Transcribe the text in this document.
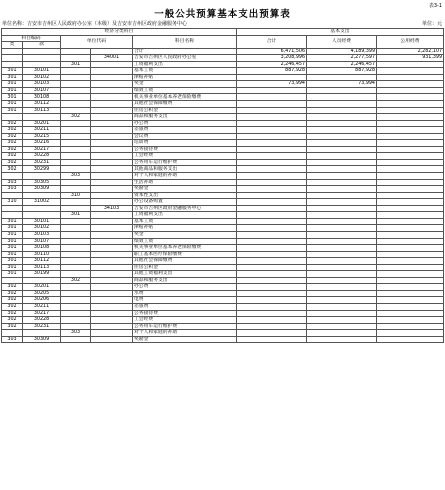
表3-1
一般公共预算基本支出预算表
单位名称：吉安市吉州区人民政府办公室（本级）及吉安市吉州区政府金融服务中心	单位：元
经济分类科目					基本支出		
科目编码		单位代码		科目名称	合计	人员经费	公用经费
类	款						
				合计	6,471,506	4,189,399	2,282,107
			34001	吉安市吉州区人民政府办公室	3,208,996	2,277,597	931,399
		301		工资福利支出	2,246,457	2,246,457	
301	30101			基本工资	887,928	887,928	
301	30102			津贴补贴			
301	30103			奖金	73,994	73,994	
301	30107			绩效工资			
301	30108			机关事业单位基本养老保险缴费			
301	30112			其他社会保障缴费			
301	30113			住房公积金			
		302		商品和服务支出			
302	30201			办公费			
302	30211			差旅费			
302	30215			会议费			
302	30216			培训费			
302	30217			公务接待费			
302	30228			工会经费			
302	30231			公务用车运行维护费			
302	30299			其他商品和服务支出			
		303		对个人和家庭的补助			
303	30305			生活补助			
303	30309			奖励金			
		310		资本性支出			
310	31002			办公设备购置			
			34103	吉安市吉州区政府金融服务中心			
		301		工资福利支出			
301	30101			基本工资			
301	30102			津贴补贴			
301	30103			奖金			
301	30107			绩效工资			
301	30108			机关事业单位基本养老保险缴费			
301	30110			职工基本医疗保险缴费			
301	30112			其他社会保障缴费			
301	30113			住房公积金			
301	30199			其他工资福利支出			
		302		商品和服务支出			
302	30201			办公费			
302	30205			水费			
302	30206			电费			
302	30211			差旅费			
302	30217			公务接待费			
302	30228			工会经费			
302	30231			公务用车运行维护费			
		303		对个人和家庭的补助			
303	30309			奖励金			
